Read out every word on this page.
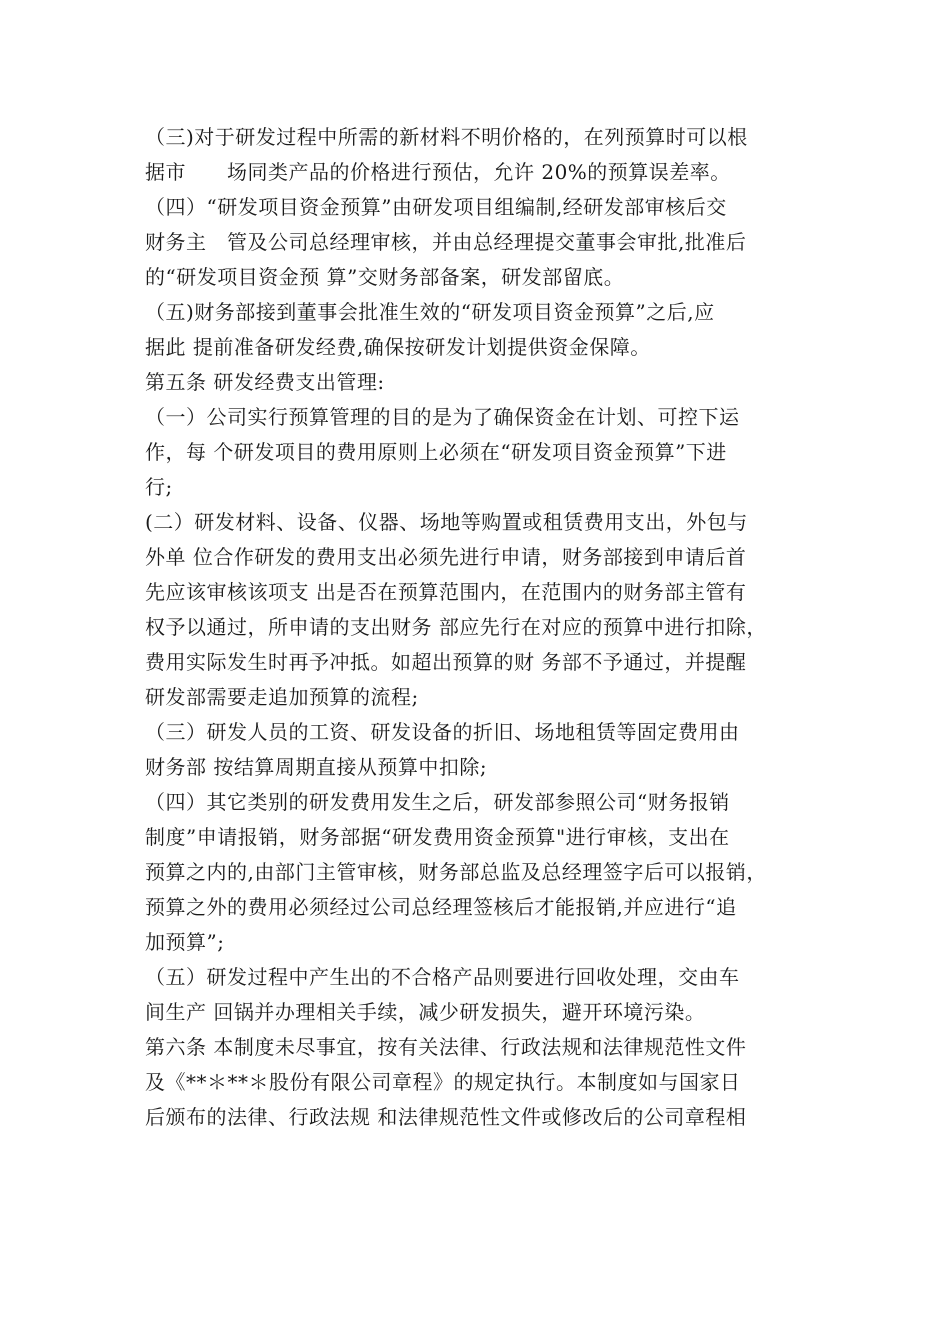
（三)对于研发过程中所需的新材料不明价格的，在列预算时可以根

据市　　场同类产品的价格进行预估，允许 20%的预算误差率。

（四）“研发项目资金预算”由研发项目组编制,经研发部审核后交

财务主　管及公司总经理审核，并由总经理提交董事会审批,批准后

的“研发项目资金预 算”交财务部备案，研发部留底。

（五)财务部接到董事会批准生效的“研发项目资金预算”之后,应

据此 提前准备研发经费,确保按研发计划提供资金保障。

第五条 研发经费支出管理:

（一）公司实行预算管理的目的是为了确保资金在计划、可控下运

作，每 个研发项目的费用原则上必须在“研发项目资金预算”下进

行;

(二）研发材料、设备、仪器、场地等购置或租赁费用支出，外包与

外单 位合作研发的费用支出必须先进行申请，财务部接到申请后首

先应该审核该项支 出是否在预算范围内，在范围内的财务部主管有

权予以通过，所申请的支出财务 部应先行在对应的预算中进行扣除，

费用实际发生时再予冲抵。如超出预算的财 务部不予通过，并提醒

研发部需要走追加预算的流程;

（三）研发人员的工资、研发设备的折旧、场地租赁等固定费用由

财务部 按结算周期直接从预算中扣除;

（四）其它类别的研发费用发生之后，研发部参照公司“财务报销

制度”申请报销，财务部据“研发费用资金预算"进行审核，支出在

预算之内的,由部门主管审核，财务部总监及总经理签字后可以报销，

预算之外的费用必须经过公司总经理签核后才能报销,并应进行“追

加预算”;

（五）研发过程中产生出的不合格产品则要进行回收处理，交由车

间生产 回锅并办理相关手续，减少研发损失，避开环境污染。

第六条 本制度未尽事宜，按有关法律、行政法规和法律规范性文件

及《**＊**＊股份有限公司章程》的规定执行。本制度如与国家日

后颁布的法律、行政法规 和法律规范性文件或修改后的公司章程相
